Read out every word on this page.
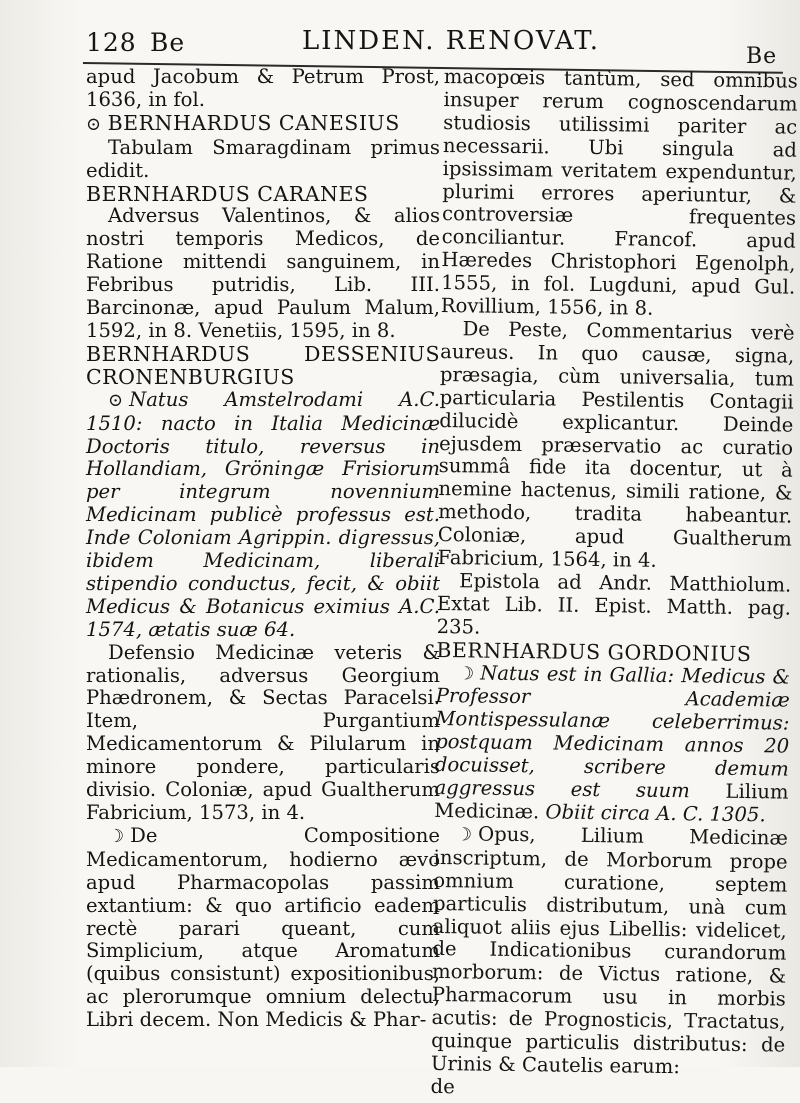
128 Be	LINDEN. RENOVAT.
Be

apud Jacobum & Petrum Prost, 1636, in fol.

⊙ BERNHARDUS CANESIUS

Tabulam Smaragdinam primus edidit.

BERNHARDUS CARANES

Adversus Valentinos, & alios nostri temporis Medicos, de Ratione mittendi sanguinem, in Febribus putridis, Lib. III. Barcinonæ, apud Paulum Malum, 1592, in 8. Venetiis, 1595, in 8.

BERNHARDUS DESSENIUS CRONENBURGIUS

⊙ Natus Amstelrodami A.C. 1510: nacto in Italia Medicinæ Doctoris titulo, reversus in Hollandiam, Gröningæ Frisiorum per integrum novennium Medicinam publicè professus est. Inde Coloniam Agrippin. digressus, ibidem Medicinam, liberali stipendio conductus, fecit, & obiit Medicus & Botanicus eximius A.C. 1574, ætatis suæ 64.

Defensio Medicinæ veteris & rationalis, adversus Georgium Phædronem, & Sectas Paracelsi. Item, Purgantium Medicamentorum & Pilularum in minore pondere, particularis divisio. Coloniæ, apud Gualtherum Fabricium, 1573, in 4.

☽ De Compositione Medicamentorum, hodierno ævo apud Pharmacopolas passim extantium: & quo artificio eadem rectè parari queant, cum Simplicium, atque Aromatum (quibus consistunt) expositionibus, ac plerorumque omnium delectu, Libri decem. Non Medicis & Phar-

macopœis tantùm, sed omnibus insuper rerum cognoscendarum studiosis utilissimi pariter ac necessarii. Ubi singula ad ipsissimam veritatem expenduntur, plurimi errores aperiuntur, & controversiæ frequentes conciliantur. Francof. apud Hæredes Christophori Egenolph, 1555, in fol. Lugduni, apud Gul. Rovillium, 1556, in 8.

De Peste, Commentarius verè aureus. In quo causæ, signa, præsagia, cùm universalia, tum particularia Pestilentis Contagii dilucidè explicantur. Deinde ejusdem præservatio ac curatio summâ fide ita docentur, ut à nemine hactenus, simili ratione, & methodo, tradita habeantur. Coloniæ, apud Gualtherum Fabricium, 1564, in 4.

Epistola ad Andr. Matthiolum. Extat Lib. II. Epist. Matth. pag. 235.

BERNHARDUS GORDONIUS

☽ Natus est in Gallia: Medicus & Professor Academiæ Montispessulanæ celeberrimus: postquam Medicinam annos 20 docuisset, scribere demum aggressus est suum Lilium Medicinæ. Obiit circa A. C. 1305.

☽ Opus, Lilium Medicinæ inscriptum, de Morborum prope omnium curatione, septem particulis distributum, unà cum aliquot aliis ejus Libellis: videlicet, de Indicationibus curandorum morborum: de Victus ratione, & Pharmacorum usu in morbis acutis: de Prognosticis, Tractatus, quinque particulis distributus: de Urinis & Cautelis earum:

de
